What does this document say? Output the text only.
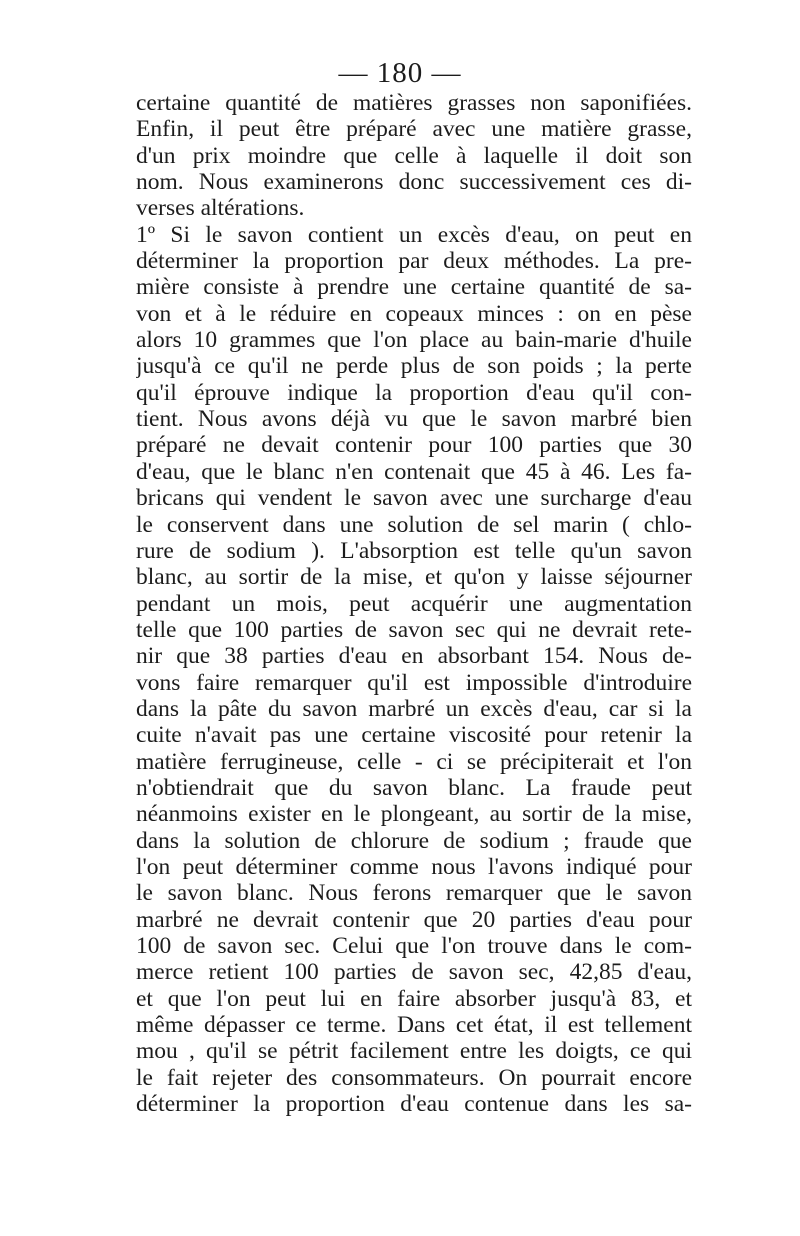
— 180 —
certaine quantité de matières grasses non saponifiées.
Enfin, il peut être préparé avec une matière grasse,
d'un prix moindre que celle à laquelle il doit son
nom. Nous examinerons donc successivement ces di-
verses altérations.
1º Si le savon contient un excès d'eau, on peut en
déterminer la proportion par deux méthodes. La pre-
mière consiste à prendre une certaine quantité de sa-
von et à le réduire en copeaux minces : on en pèse
alors 10 grammes que l'on place au bain-marie d'huile
jusqu'à ce qu'il ne perde plus de son poids ; la perte
qu'il éprouve indique la proportion d'eau qu'il con-
tient. Nous avons déjà vu que le savon marbré bien
préparé ne devait contenir pour 100 parties que 30
d'eau, que le blanc n'en contenait que 45 à 46. Les fa-
bricans qui vendent le savon avec une surcharge d'eau
le conservent dans une solution de sel marin ( chlo-
rure de sodium ). L'absorption est telle qu'un savon
blanc, au sortir de la mise, et qu'on y laisse séjourner
pendant un mois, peut acquérir une augmentation
telle que 100 parties de savon sec qui ne devrait rete-
nir que 38 parties d'eau en absorbant 154. Nous de-
vons faire remarquer qu'il est impossible d'introduire
dans la pâte du savon marbré un excès d'eau, car si la
cuite n'avait pas une certaine viscosité pour retenir la
matière ferrugineuse, celle - ci se précipiterait et l'on
n'obtiendrait que du savon blanc. La fraude peut
néanmoins exister en le plongeant, au sortir de la mise,
dans la solution de chlorure de sodium ; fraude que
l'on peut déterminer comme nous l'avons indiqué pour
le savon blanc. Nous ferons remarquer que le savon
marbré ne devrait contenir que 20 parties d'eau pour
100 de savon sec. Celui que l'on trouve dans le com-
merce retient 100 parties de savon sec, 42,85 d'eau,
et que l'on peut lui en faire absorber jusqu'à 83, et
même dépasser ce terme. Dans cet état, il est tellement
mou , qu'il se pétrit facilement entre les doigts, ce qui
le fait rejeter des consommateurs. On pourrait encore
déterminer la proportion d'eau contenue dans les sa-
